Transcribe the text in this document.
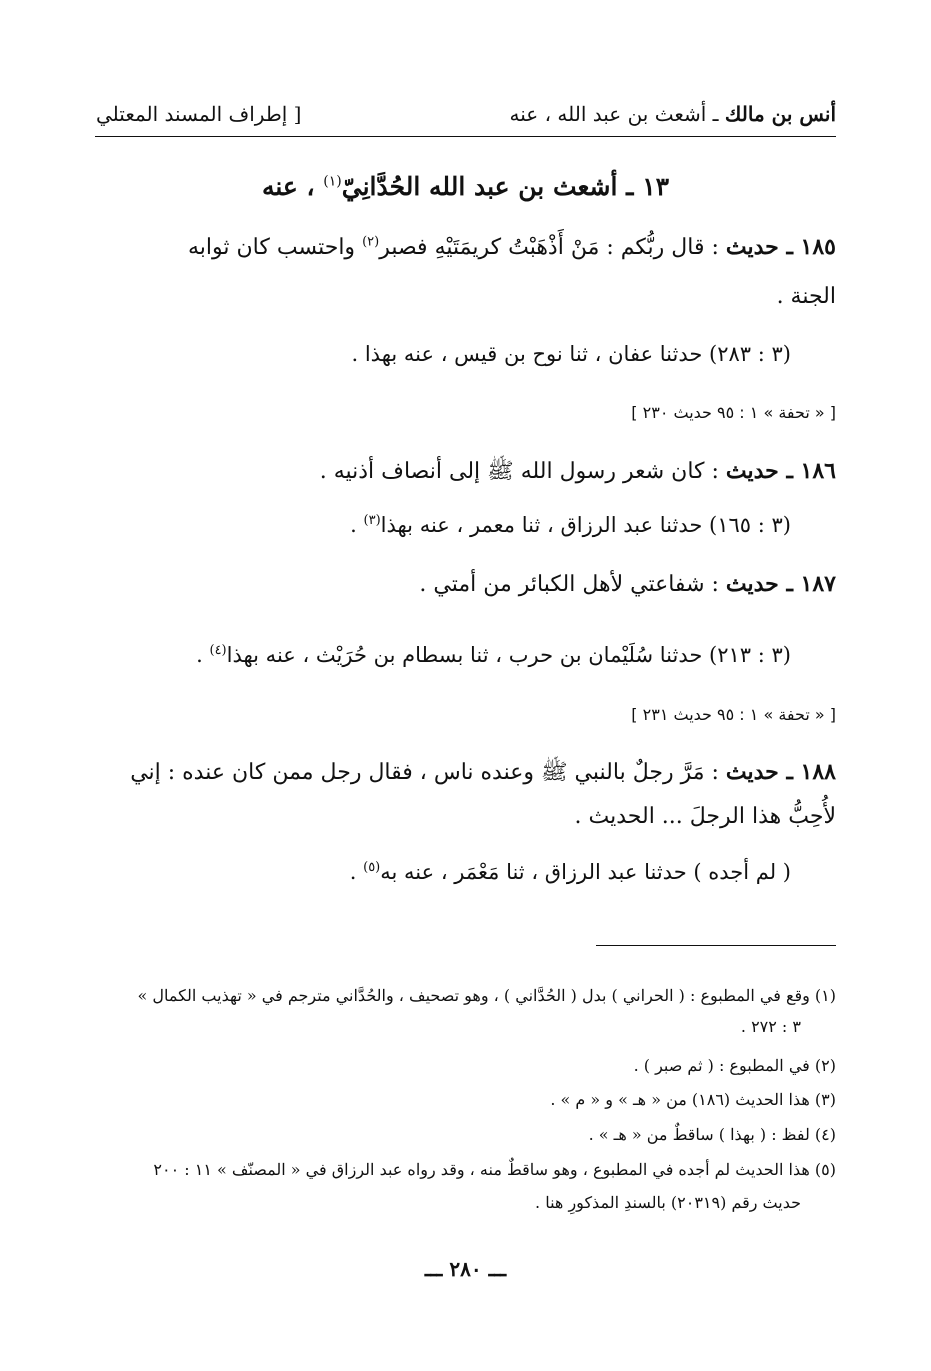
أنس بن مالك ـ أشعث بن عبد الله ، عنه
[ إطراف المسند المعتلي
١٣ ـ أشعث بن عبد الله الحُدَّانِيّ$^{(١)}$ ، عنه
١٨٥ ـ حديث : قال ربُّكم : مَنْ أَذْهَبْتُ كريمَتَيْهِ فصبر$^{(٢)}$ واحتسب كان ثوابه
الجنة .
(٣ : ٢٨٣) حدثنا عفان ، ثنا نوح بن قيس ، عنه بهذا .
[ « تحفة » ١ : ٩٥ حديث ٢٣٠ ]
١٨٦ ـ حديث : كان شعر رسول الله ﷺ إلى أنصاف أذنيه .
(٣ : ١٦٥) حدثنا عبد الرزاق ، ثنا معمر ، عنه بهذا$^{(٣)}$ .
١٨٧ ـ حديث : شفاعتي لأهل الكبائر من أمتي .
(٣ : ٢١٣) حدثنا سُلَيْمان بن حرب ، ثنا بسطام بن حُرَيْث ، عنه بهذا$^{(٤)}$ .
[ « تحفة » ١ : ٩٥ حديث ٢٣١ ]
١٨٨ ـ حديث : مَرَّ رجلٌ بالنبي ﷺ وعنده ناس ، فقال رجل ممن كان عنده : إني
لأُحِبُّ هذا الرجلَ ... الحديث .
( لم أجده ) حدثنا عبد الرزاق ، ثنا مَعْمَر ، عنه به$^{(٥)}$ .
(١) وقع في المطبوع : ( الحراني ) بدل ( الحُدَّاني ) ، وهو تصحيف ، والحُدَّاني مترجم في « تهذيب الكمال »
٣ : ٢٧٢ .
(٢) في المطبوع : ( ثم صبر ) .
(٣) هذا الحديث (١٨٦) من « هـ » و « م » .
(٤) لفظ : ( بهذا ) ساقطٌ من « هـ » .
(٥) هذا الحديث لم أجده في المطبوع ، وهو ساقطٌ منه ، وقد رواه عبد الرزاق في « المصنّف » ١١ : ٢٠٠
حديث رقم (٢٠٣١٩) بالسندِ المذكورِ هنا .
ـــ ٢٨٠ ـــ
